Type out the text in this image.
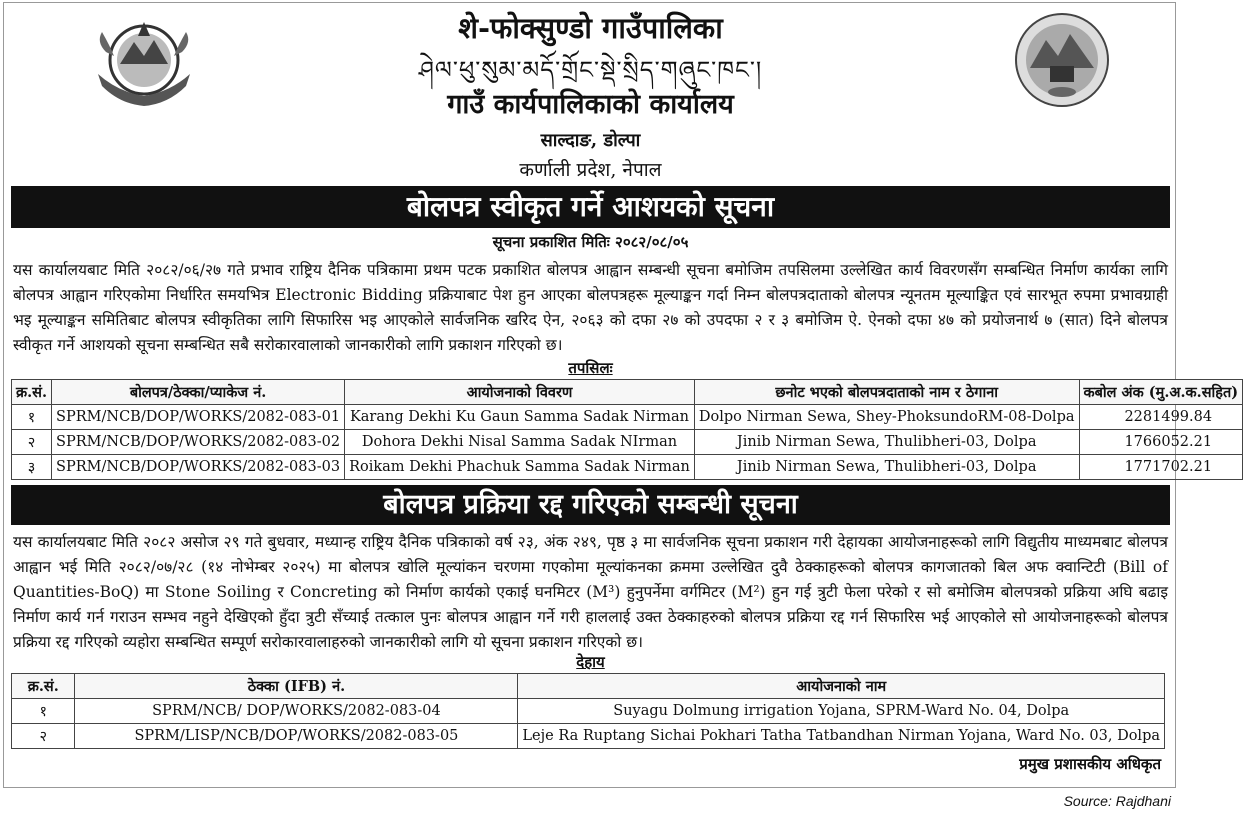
शे-फोक्सुण्डो गाउँपालिका
ཤེལ་ཕུ་སུམ་མདོ་གྲོང་སྡེ་སྲིད་གཞུང་ཁང་།
गाउँ कार्यपालिकाको कार्यालय
साल्दाङ, डोल्पा
कर्णाली प्रदेश, नेपाल
बोलपत्र स्वीकृत गर्ने आशयको सूचना
सूचना प्रकाशित मितिः २०८२/०८/०५

यस कार्यालयबाट मिति २०८२/०६/२७ गते प्रभाव राष्ट्रिय दैनिक पत्रिकामा प्रथम पटक प्रकाशित बोलपत्र आह्वान सम्बन्धी सूचना बमोजिम तपसिलमा उल्लेखित कार्य विवरणसँग सम्बन्धित निर्माण कार्यका लागि बोलपत्र आह्वान गरिएकोमा निर्धारित समयभित्र Electronic Bidding प्रक्रियाबाट पेश हुन आएका बोलपत्रहरू मूल्याङ्कन गर्दा निम्न बोलपत्रदाताको बोलपत्र न्यूनतम मूल्याङ्कित एवं सारभूत रुपमा प्रभावग्राही भइ मूल्याङ्कन समितिबाट बोलपत्र स्वीकृतिका लागि सिफारिस भइ आएकोले सार्वजनिक खरिद ऐन, २०६३ को दफा २७ को उपदफा २ र ३ बमोजिम ऐ. ऐनको दफा ४७ को प्रयोजनार्थ ७ (सात) दिने बोलपत्र स्वीकृत गर्ने आशयको सूचना सम्बन्धित सबै सरोकारवालाको जानकारीको लागि प्रकाशन गरिएको छ।

तपसिलः
क्र.सं.	बोलपत्र/ठेक्का/प्याकेज नं.	आयोजनाको विवरण	छनोट भएको बोलपत्रदाताको नाम र ठेगाना	कबोल अंक (मु.अ.क.सहित)
१	SPRM/NCB/DOP/WORKS/2082-083-01	Karang Dekhi Ku Gaun Samma Sadak Nirman	Dolpo Nirman Sewa, Shey-PhoksundoRM-08-Dolpa	2281499.84
२	SPRM/NCB/DOP/WORKS/2082-083-02	Dohora Dekhi Nisal Samma Sadak NIrman	Jinib Nirman Sewa, Thulibheri-03, Dolpa	1766052.21
३	SPRM/NCB/DOP/WORKS/2082-083-03	Roikam Dekhi Phachuk Samma Sadak Nirman	Jinib Nirman Sewa, Thulibheri-03, Dolpa	1771702.21
बोलपत्र प्रक्रिया रद्द गरिएको सम्बन्धी सूचना

यस कार्यालयबाट मिति २०८२ असोज २९ गते बुधवार, मध्यान्ह राष्ट्रिय दैनिक पत्रिकाको वर्ष २३, अंक २४९, पृष्ठ ३ मा सार्वजनिक सूचना प्रकाशन गरी देहायका आयोजनाहरूको लागि विद्युतीय माध्यमबाट बोलपत्र आह्वान भई मिति २०८२/०७/२८ (१४ नोभेम्बर २०२५) मा बोलपत्र खोलि मूल्यांकन चरणमा गएकोमा मूल्यांकनका क्रममा उल्लेखित दुवै ठेक्काहरूको बोलपत्र कागजातको बिल अफ क्वान्टिटी (Bill of Quantities-BoQ) मा Stone Soiling र Concreting को निर्माण कार्यको एकाई घनमिटर (M³) हुनुपर्नेमा वर्गमिटर (M²) हुन गई त्रुटी फेला परेको र सो बमोजिम बोलपत्रको प्रक्रिया अघि बढाइ निर्माण कार्य गर्न गराउन सम्भव नहुने देखिएको हुँदा त्रुटी सँच्याई तत्काल पुनः बोलपत्र आह्वान गर्ने गरी हाललाई उक्त ठेक्काहरुको बोलपत्र प्रक्रिया रद्द गर्न सिफारिस भई आएकोले सो आयोजनाहरूको बोलपत्र प्रक्रिया रद्द गरिएको व्यहोरा सम्बन्धित सम्पूर्ण सरोकारवालाहरुको जानकारीको लागि यो सूचना प्रकाशन गरिएको छ।

देहाय
क्र.सं.	ठेक्का (IFB) नं.	आयोजनाको नाम
१	SPRM/NCB/ DOP/WORKS/2082-083-04	Suyagu Dolmung irrigation Yojana, SPRM-Ward No. 04, Dolpa
२	SPRM/LISP/NCB/DOP/WORKS/2082-083-05	Leje Ra Ruptang Sichai Pokhari Tatha Tatbandhan Nirman Yojana, Ward No. 03, Dolpa
प्रमुख प्रशासकीय अधिकृत
Source: Rajdhani
